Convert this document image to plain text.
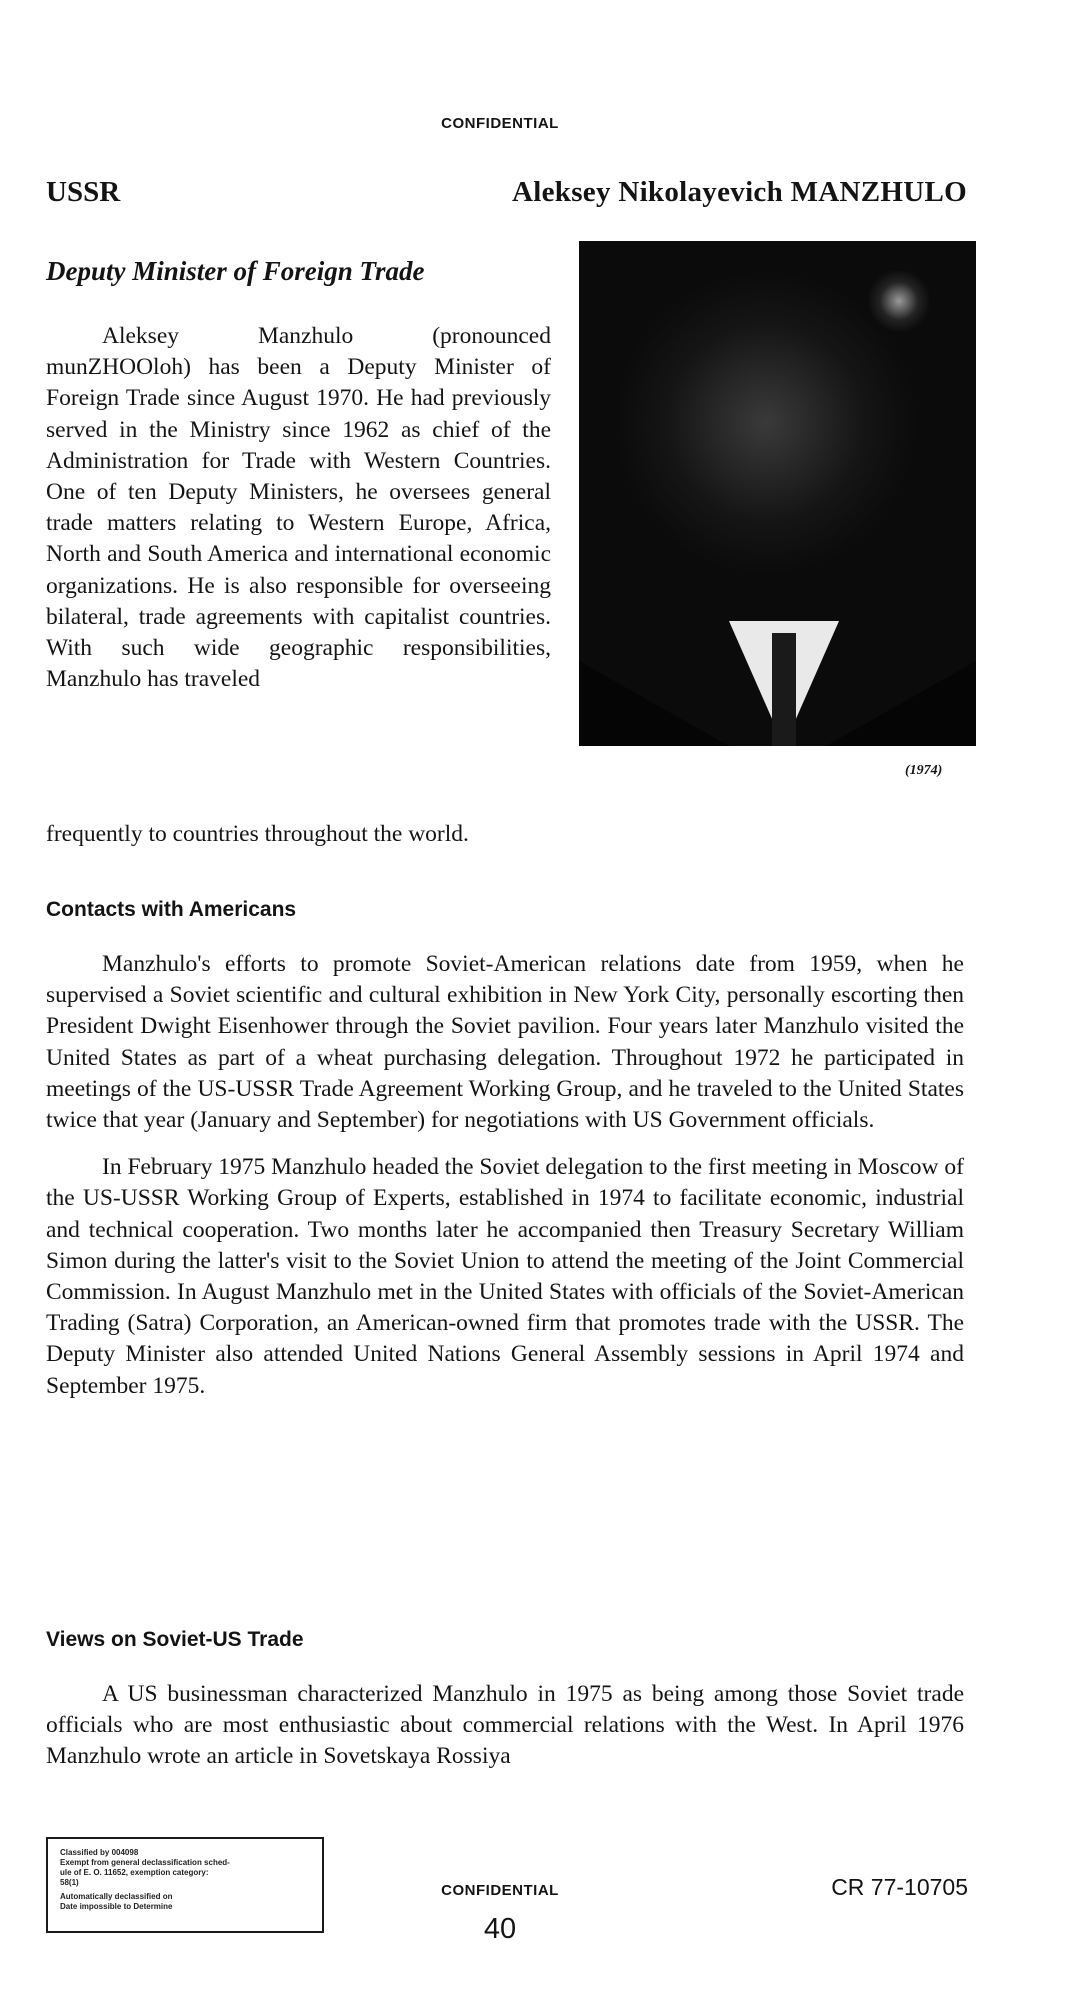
CONFIDENTIAL
USSR	Aleksey Nikolayevich MANZHULO
Deputy Minister of Foreign Trade
(1974)

Aleksey Manzhulo (pronounced munZHOOloh) has been a Deputy Minister of Foreign Trade since August 1970. He had previously served in the Ministry since 1962 as chief of the Administration for Trade with Western Countries. One of ten Deputy Ministers, he oversees general trade matters relating to Western Europe, Africa, North and South America and international economic organizations. He is also responsible for overseeing bilateral, trade agreements with capitalist countries. With such wide geographic responsibilities, Manzhulo has traveled

frequently to countries throughout the world.
Contacts with Americans

Manzhulo's efforts to promote Soviet-American relations date from 1959, when he supervised a Soviet scientific and cultural exhibition in New York City, personally escorting then President Dwight Eisenhower through the Soviet pavilion. Four years later Manzhulo visited the United States as part of a wheat purchasing delegation. Throughout 1972 he participated in meetings of the US-USSR Trade Agreement Working Group, and he traveled to the United States twice that year (January and September) for negotiations with US Government officials.

In February 1975 Manzhulo headed the Soviet delegation to the first meeting in Moscow of the US-USSR Working Group of Experts, established in 1974 to facilitate economic, industrial and technical cooperation. Two months later he accompanied then Treasury Secretary William Simon during the latter's visit to the Soviet Union to attend the meeting of the Joint Commercial Commission. In August Manzhulo met in the United States with officials of the Soviet-American Trading (Satra) Corporation, an American-owned firm that promotes trade with the USSR. The Deputy Minister also attended United Nations General Assembly sessions in April 1974 and September 1975.

Views on Soviet-US Trade

A US businessman characterized Manzhulo in 1975 as being among those Soviet trade officials who are most enthusiastic about commercial relations with the West. In April 1976 Manzhulo wrote an article in Sovetskaya Rossiya

Classified by 004098

Exempt from general declassification sched-

ule of E. O. 11652, exemption category:

58(1)

Automatically declassified on

Date impossible to Determine

CONFIDENTIAL	CR 77-10705
40
